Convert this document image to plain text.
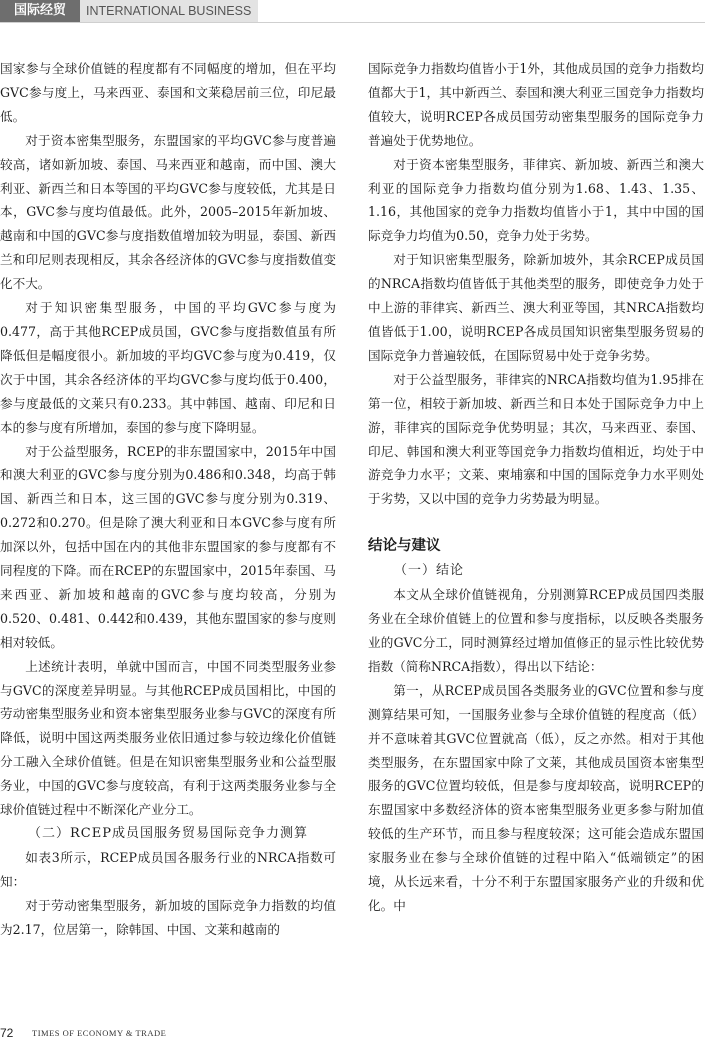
国际经贸	INTERNATIONAL BUSINESS

国家参与全球价值链的程度都有不同幅度的增加，但在平均GVC参与度上，马来西亚、泰国和文莱稳居前三位，印尼最低。

对于资本密集型服务，东盟国家的平均GVC参与度普遍较高，诸如新加坡、泰国、马来西亚和越南，而中国、澳大利亚、新西兰和日本等国的平均GVC参与度较低，尤其是日本，GVC参与度均值最低。此外，2005–2015年新加坡、越南和中国的GVC参与度指数值增加较为明显，泰国、新西兰和印尼则表现相反，其余各经济体的GVC参与度指数值变化不大。

对于知识密集型服务，中国的平均GVC参与度为0.477，高于其他RCEP成员国，GVC参与度指数值虽有所降低但是幅度很小。新加坡的平均GVC参与度为0.419，仅次于中国，其余各经济体的平均GVC参与度均低于0.400，参与度最低的文莱只有0.233。其中韩国、越南、印尼和日本的参与度有所增加，泰国的参与度下降明显。

对于公益型服务，RCEP的非东盟国家中，2015年中国和澳大利亚的GVC参与度分别为0.486和0.348，均高于韩国、新西兰和日本，这三国的GVC参与度分别为0.319、0.272和0.270。但是除了澳大利亚和日本GVC参与度有所加深以外，包括中国在内的其他非东盟国家的参与度都有不同程度的下降。而在RCEP的东盟国家中，2015年泰国、马来西亚、新加坡和越南的GVC参与度均较高，分别为0.520、0.481、0.442和0.439，其他东盟国家的参与度则相对较低。

上述统计表明，单就中国而言，中国不同类型服务业参与GVC的深度差异明显。与其他RCEP成员国相比，中国的劳动密集型服务业和资本密集型服务业参与GVC的深度有所降低，说明中国这两类服务业依旧通过参与较边缘化价值链分工融入全球价值链。但是在知识密集型服务业和公益型服务业，中国的GVC参与度较高，有利于这两类服务业参与全球价值链过程中不断深化产业分工。

（二）RCEP成员国服务贸易国际竞争力测算

如表3所示，RCEP成员国各服务行业的NRCA指数可知：

对于劳动密集型服务，新加坡的国际竞争力指数的均值为2.17，位居第一，除韩国、中国、文莱和越南的

国际竞争力指数均值皆小于1外，其他成员国的竞争力指数均值都大于1，其中新西兰、泰国和澳大利亚三国竞争力指数均值较大，说明RCEP各成员国劳动密集型服务的国际竞争力普遍处于优势地位。

对于资本密集型服务，菲律宾、新加坡、新西兰和澳大利亚的国际竞争力指数均值分别为1.68、1.43、1.35、1.16，其他国家的竞争力指数均值皆小于1，其中中国的国际竞争力均值为0.50，竞争力处于劣势。

对于知识密集型服务，除新加坡外，其余RCEP成员国的NRCA指数均值皆低于其他类型的服务，即使竞争力处于中上游的菲律宾、新西兰、澳大利亚等国，其NRCA指数均值皆低于1.00，说明RCEP各成员国知识密集型服务贸易的国际竞争力普遍较低，在国际贸易中处于竞争劣势。

对于公益型服务，菲律宾的NRCA指数均值为1.95排在第一位，相较于新加坡、新西兰和日本处于国际竞争力中上游，菲律宾的国际竞争优势明显；其次，马来西亚、泰国、印尼、韩国和澳大利亚等国竞争力指数均值相近，均处于中游竞争力水平；文莱、柬埔寨和中国的国际竞争力水平则处于劣势，又以中国的竞争力劣势最为明显。

结论与建议
（一）结论

本文从全球价值链视角，分别测算RCEP成员国四类服务业在全球价值链上的位置和参与度指标，以反映各类服务业的GVC分工，同时测算经过增加值修正的显示性比较优势指数（简称NRCA指数），得出以下结论：

第一，从RCEP成员国各类服务业的GVC位置和参与度测算结果可知，一国服务业参与全球价值链的程度高（低）并不意味着其GVC位置就高（低），反之亦然。相对于其他类型服务，在东盟国家中除了文莱，其他成员国资本密集型服务的GVC位置均较低，但是参与度却较高，说明RCEP的东盟国家中多数经济体的资本密集型服务业更多参与附加值较低的生产环节，而且参与程度较深；这可能会造成东盟国家服务业在参与全球价值链的过程中陷入“低端锁定”的困境，从长远来看，十分不利于东盟国家服务产业的升级和优化。中

72 TIMES OF ECONOMY & TRADE
